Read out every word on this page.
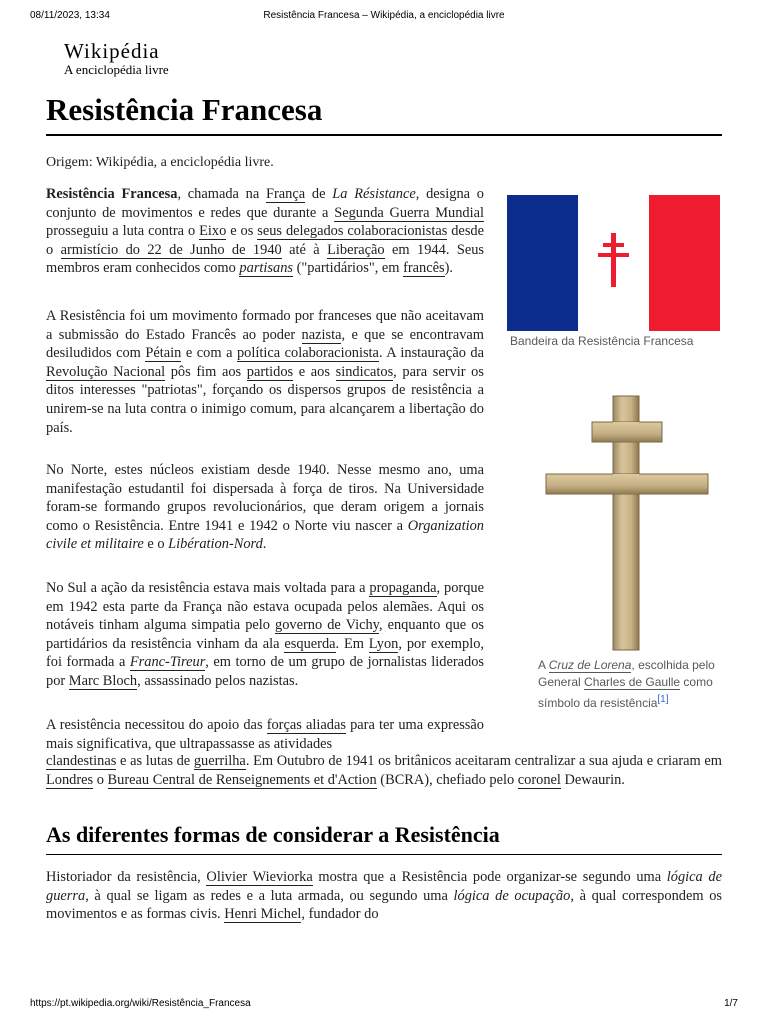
08/11/2023, 13:34	Resistência Francesa – Wikipédia, a enciclopédia livre
Wikipédia
A enciclopédia livre
Resistência Francesa
Origem: Wikipédia, a enciclopédia livre.

Resistência Francesa, chamada na França de La Résistance, designa o conjunto de movimentos e redes que durante a Segunda Guerra Mundial prosseguiu a luta contra o Eixo e os seus delegados colaboracionistas desde o armistício do 22 de Junho de 1940 até à Liberação em 1944. Seus membros eram conhecidos como partisans ("partidários", em francês).

A Resistência foi um movimento formado por franceses que não aceitavam a submissão do Estado Francês ao poder nazista, e que se encontravam desiludidos com Pétain e com a política colaboracionista. A instauração da Revolução Nacional pôs fim aos partidos e aos sindicatos, para servir os ditos interesses "patriotas", forçando os dispersos grupos de resistência a unirem-se na luta contra o inimigo comum, para alcançarem a libertação do país.

No Norte, estes núcleos existiam desde 1940. Nesse mesmo ano, uma manifestação estudantil foi dispersada à força de tiros. Na Universidade foram-se formando grupos revolucionários, que deram origem a jornais como o Resistência. Entre 1941 e 1942 o Norte viu nascer a Organization civile et militaire e o Libération-Nord.

No Sul a ação da resistência estava mais voltada para a propaganda, porque em 1942 esta parte da França não estava ocupada pelos alemães. Aqui os notáveis tinham alguma simpatia pelo governo de Vichy, enquanto que os partidários da resistência vinham da ala esquerda. Em Lyon, por exemplo, foi formada a Franc-Tireur, em torno de um grupo de jornalistas liderados por Marc Bloch, assassinado pelos nazistas.

A resistência necessitou do apoio das forças aliadas para ter uma expressão mais significativa, que ultrapassasse as atividades

clandestinas e as lutas de guerrilha. Em Outubro de 1941 os britânicos aceitaram centralizar a sua ajuda e criaram em Londres o Bureau Central de Renseignements et d'Action (BCRA), chefiado pelo coronel Dewaurin.

As diferentes formas de considerar a Resistência

Historiador da resistência, Olivier Wieviorka mostra que a Resistência pode organizar-se segundo uma lógica de guerra, à qual se ligam as redes e a luta armada, ou segundo uma lógica de ocupação, à qual correspondem os movimentos e as formas civis. Henri Michel, fundador do

Bandeira da Resistência Francesa
A Cruz de Lorena, escolhida pelo General Charles de Gaulle como símbolo da resistência[1]
https://pt.wikipedia.org/wiki/Resistência_Francesa	1/7
